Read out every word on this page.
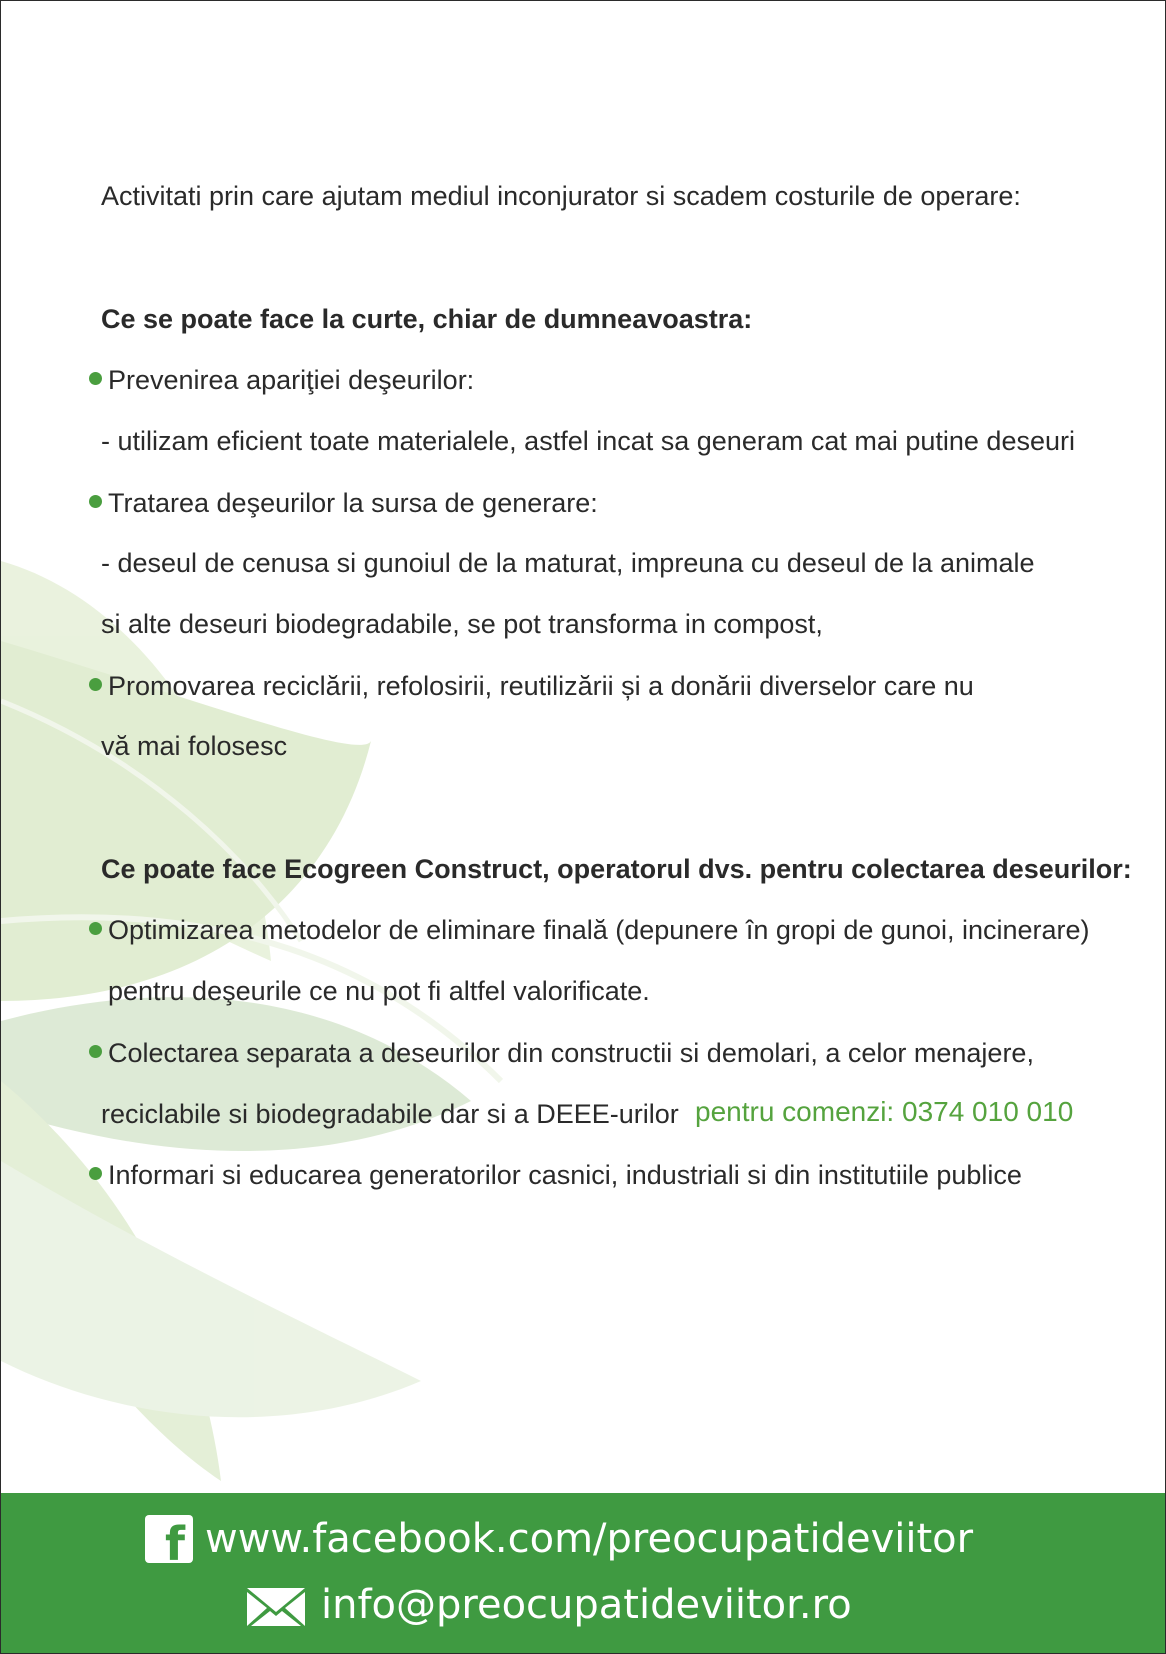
Activitati prin care ajutam mediul inconjurator si scadem costurile de operare:
Ce se poate face la curte, chiar de dumneavoastra:
Prevenirea apariţiei deşeurilor:
- utilizam eficient toate materialele, astfel incat sa generam cat mai putine deseuri
Tratarea deşeurilor la sursa de generare:
- deseul de cenusa si gunoiul de la maturat, impreuna cu deseul de la animale
si alte deseuri biodegradabile, se pot transforma in compost,
Promovarea reciclării, refolosirii, reutilizării și a donării diverselor care nu
vă mai folosesc
Ce poate face Ecogreen Construct, operatorul dvs. pentru colectarea deseurilor:
Optimizarea metodelor de eliminare finală (depunere în gropi de gunoi, incinerare)
pentru deşeurile ce nu pot fi altfel valorificate.
Colectarea separata a deseurilor din constructii si demolari, a celor menajere,
reciclabile si biodegradabile dar si a DEEE-urilor pentru comenzi: 0374 010 010
Informari si educarea generatorilor casnici, industriali si din institutiile publice
f www.facebook.com/preocupatideviitor
info@preocupatideviitor.ro
